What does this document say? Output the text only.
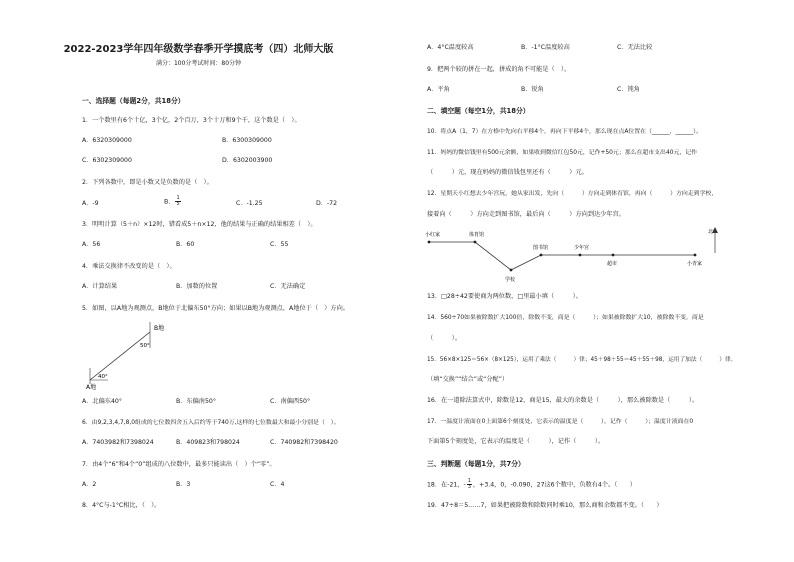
2022-2023学年四年级数学春季开学摸底考（四）北师大版
满分：100分考试时间：80分钟
一、选择题（每题2分，共18分）
1．一个数里有6个十亿，3个亿，2个百万，3个十万和9个千，这个数是（　）。
A．6320309000	B．6300309000
C．6302309000	D．6302003900
2．下列各数中，即是小数又是负数的是（　）。
A．-9	B． $\frac{1}{5}$	C．-1.25	D．-72
3．明明计算（5＋n）×12时，错看成5＋n×12，他的结果与正确的结果相差（　）。
A．56	B．60	C．55
4．乘法交换律不改变的是（　）。
A．计算结果	B．加数的位置	C．无法确定
5．如图，以A地为观测点，B地位于北偏东50°方向；如果以B地为观测点，A地位于（　）方向。
B地
50°
40°
A地
A．北偏东40°	B．东偏南50°	C．南偏西50°
6．由9,2,3,4,7,8,0组成的七位数四舍五入后约等于740万,这样的七位数最大和最小分别是（　）。
A．7403982和7398024	B．409823和798024	C．740982和7398420
7．由4个“6”和4个“0”组成的八位数中，最多只能读出（　）个“零”。
A．2	B．3	C．4
8．4°C与-1°C相比，（　）。
A．4°C温度较高	B．-1°C温度较高	C．无法比较
9．把两个较的拼在一起，拼成的角不可能是（　）。
A．平角	B．锐角	C．钝角
二、填空题（每空1分，共18分）
10．将点A（1，7）在方格中先向右平移4个，再向下平移4个，那么现在点A位置在（______，______）。
11．妈妈的微信钱里有500元余额，如果收到微信红包50元，记作+50元；那么在超市支出40元，记作
（　　　）元，现在妈妈的微信钱包里还有（　　　）元。
12．星期天小红想去少年宫玩，她从家出发，先向（　　　）方向走到体育馆，再向（　　　）方向走到学校，
接着向（　　　）方向走到图书馆，最后向（　　　）方向到达少年宫。
小红家	体育馆
学校
图书馆	少年宫
超市	小青家
北
13．□28÷42要使商为两位数，□里最小填（　　　）。
14．560÷70如果被除数扩大100倍，除数不变，商是（　　　）；如果被除数扩大10，被除数不变，商是
（　　　）。
15．56×8×125＝56×（8×125），运用了乘法（　　　）律；45＋98＋55＝45＋55＋98，运用了加法（　　　）律。
（填“交换”“结合”或“分配”）
16．在一道除法算式中，除数是12，商是15，最大的余数是（　　　），那么被除数是（　　　）。
17．一温度计液面在0上面第6个刻度处，它表示的温度是（　　　），记作（　　　）；温度计液面在0
下面第5个刻度处，它表示的温度是（　　　），记作（　　　）。
三、判断题（每题1分，共7分）
18．在-21，- $\frac{1}{3}$ ，+3.4，0，-0.090，27这6个数中，负数有4个。（　　）
19．47÷8＝5……7，如果把被除数和除数同时乘10，那么商和余数都不变。（　　）
